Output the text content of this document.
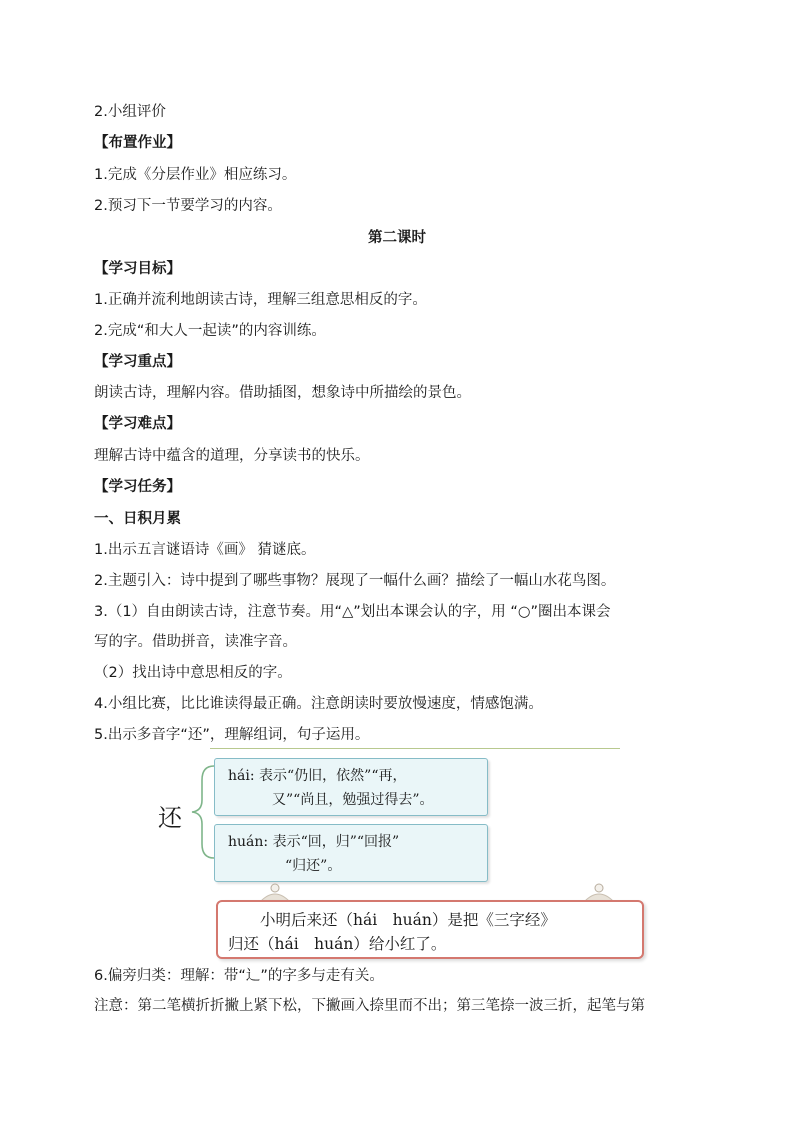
2.小组评价
【布置作业】
1.完成《分层作业》相应练习。
2.预习下一节要学习的内容。
第二课时
【学习目标】
1.正确并流利地朗读古诗，理解三组意思相反的字。
2.完成“和大人一起读”的内容训练。
【学习重点】
朗读古诗，理解内容。借助插图，想象诗中所描绘的景色。
【学习难点】
理解古诗中蕴含的道理，分享读书的快乐。
【学习任务】
一、日积月累
1.出示五言谜语诗《画》 猜谜底。
2.主题引入：诗中提到了哪些事物？展现了一幅什么画？描绘了一幅山水花鸟图。
3.（1）自由朗读古诗，注意节奏。用“△”划出本课会认的字，用 “○”圈出本课会
写的字。借助拼音，读准字音。
（2）找出诗中意思相反的字。
4.小组比赛，比比谁读得最正确。注意朗读时要放慢速度，情感饱满。
5.出示多音字“还”，理解组词，句子运用。
还
hái: 表示“仍旧，依然”“再，
又”“尚且，勉强过得去”。
huán: 表示“回，归”“回报”
“归还”。
小明后来还（hái　huán）是把《三字经》
归还（hái　huán）给小红了。
6.偏旁归类：理解：带“辶”的字多与走有关。
注意：第二笔横折折撇上紧下松，下撇画入捺里而不出；第三笔捺一波三折，起笔与第
